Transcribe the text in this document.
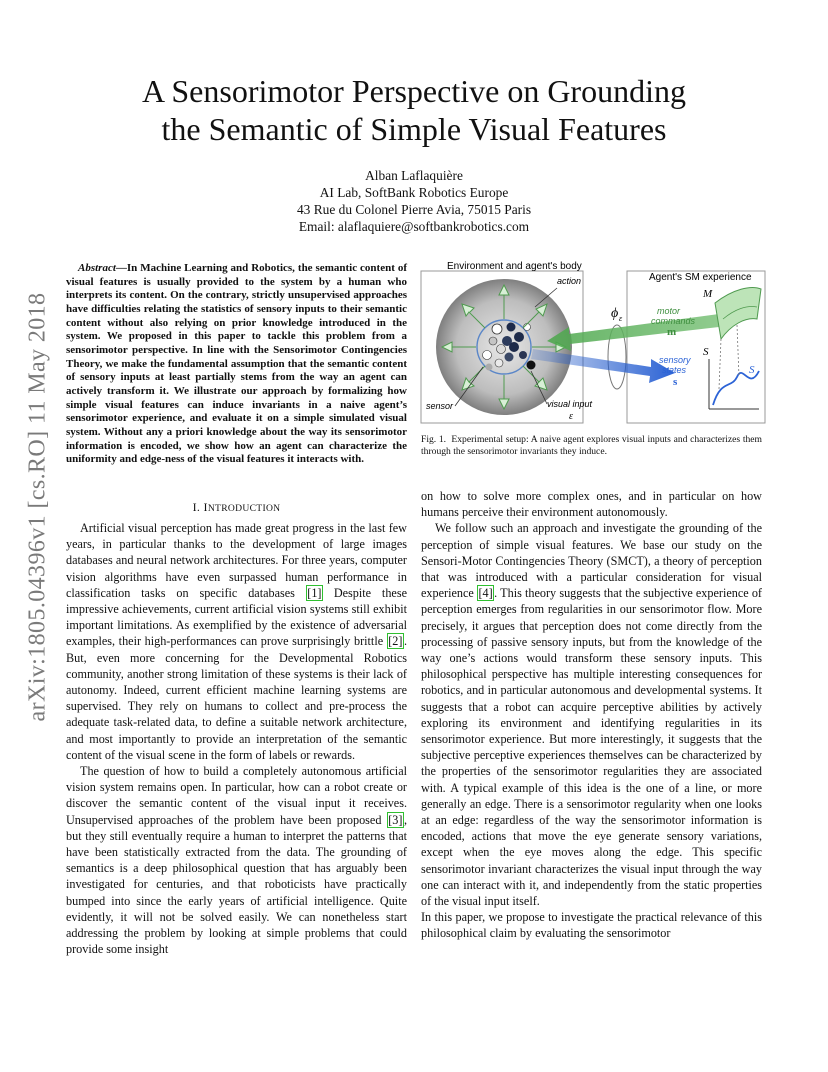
arXiv:1805.04396v1 [cs.RO] 11 May 2018
A Sensorimotor Perspective on Grounding
the Semantic of Simple Visual Features
Alban Laflaquière
AI Lab, SoftBank Robotics Europe
43 Rue du Colonel Pierre Avia, 75015 Paris
Email: alaflaquiere@softbankrobotics.com
Abstract—In Machine Learning and Robotics, the semantic content of visual features is usually provided to the system by a human who interprets its content. On the contrary, strictly unsupervised approaches have difficulties relating the statistics of sensory inputs to their semantic content without also relying on prior knowledge introduced in the system. We proposed in this paper to tackle this problem from a sensorimotor perspective. In line with the Sensorimotor Contingencies Theory, we make the fundamental assumption that the semantic content of sensory inputs at least partially stems from the way an agent can actively transform it. We illustrate our approach by formalizing how simple visual features can induce invariants in a naive agent’s sensorimotor experience, and evaluate it on a simple simulated visual system. Without any a priori knowledge about the way its sensorimotor information is encoded, we show how an agent can characterize the uniformity and edge-ness of the visual features it interacts with.
I. INTRODUCTION

Artificial visual perception has made great progress in the last few years, in particular thanks to the development of large images databases and neural network architectures. For three years, computer vision algorithms have even surpassed human performance in classification tasks on specific databases [1] Despite these impressive achievements, current artificial vision systems still exhibit important limitations. As exemplified by the existence of adversarial examples, their high-performances can prove surprisingly brittle [2] . But, even more concerning for the Developmental Robotics community, another strong limitation of these systems is their lack of autonomy. Indeed, current efficient machine learning systems are supervised. They rely on humans to collect and pre-process the adequate task-related data, to define a suitable network architecture, and most importantly to provide an interpretation of the semantic content of the visual scene in the form of labels or rewards.

The question of how to build a completely autonomous artificial vision system remains open. In particular, how can a robot create or discover the semantic content of the visual input it receives. Unsupervised approaches of the problem have been proposed [3] , but they still eventually require a human to interpret the patterns that have been statistically extracted from the data. The grounding of semantics is a deep philosophical question that has arguably been investigated for centuries, and that roboticists have practically bumped into since the early years of artificial intelligence. Quite evidently, it will not be solved easily. We can nonetheless start addressing the problem by looking at simple problems that could provide some insight

Environment and agent's body
action
sensor	visual input
ε
Agent's SM experience
ϕ ε
motor
commands
m
sensory
states
s
M
S
S
Fig. 1. Experimental setup: A naive agent explores visual inputs and characterizes them through the sensorimotor invariants they induce.

on how to solve more complex ones, and in particular on how humans perceive their environment autonomously.

We follow such an approach and investigate the grounding of the perception of simple visual features. We base our study on the Sensori-Motor Contingencies Theory (SMCT), a theory of perception that was introduced with a particular consideration for visual experience [4] . This theory suggests that the subjective experience of perception emerges from regularities in our sensorimotor flow. More precisely, it argues that perception does not come directly from the processing of passive sensory inputs, but from the knowledge of the way one’s actions would transform these sensory inputs. This philosophical perspective has multiple interesting consequences for robotics, and in particular autonomous and developmental systems. It suggests that a robot can acquire perceptive abilities by actively exploring its environment and identifying regularities in its sensorimotor experience. But more interestingly, it suggests that the subjective perceptive experiences themselves can be characterized by the properties of the sensorimotor regularities they are associated with. A typical example of this idea is the one of a line, or more generally an edge. There is a sensorimotor regularity when one looks at an edge: regardless of the way the sensorimotor information is encoded, actions that move the eye generate sensory variations, except when the eye moves along the edge. This specific sensorimotor invariant characterizes the visual input through the way one can interact with it, and independently from the static properties of the visual input itself.

In this paper, we propose to investigate the practical relevance of this philosophical claim by evaluating the sensorimotor
